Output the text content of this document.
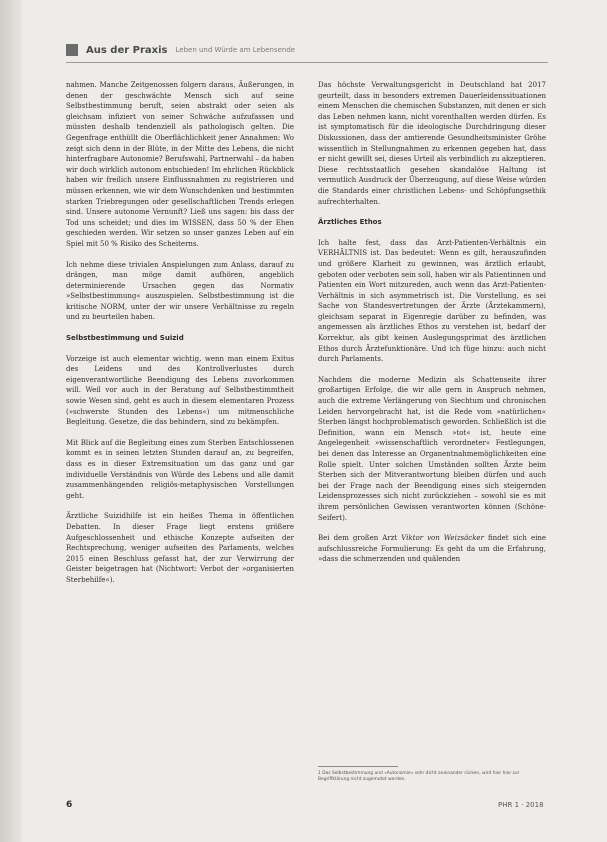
Aus der Praxis Leben und Würde am Lebensende

nahmen. Manche Zeitgenossen folgern daraus, Äußerungen, in denen der geschwächte Mensch sich auf seine Selbstbestimmung beruft, seien abstrakt oder seien als gleichsam infiziert von seiner Schwäche aufzufassen und müssten deshalb tendenziell als pathologisch gelten. Die Gegenfrage enthüllt die Oberflächlichkeit jener Annahmen: Wo zeigt sich denn in der Blüte, in der Mitte des Lebens, die nicht hinterfragbare Autonomie? Berufswahl, Partnerwahl – da haben wir doch wirklich autonom entschieden! Im ehrlichen Rückblick haben wir freilich unsere Einflussnahmen zu registrieren und müssen erkennen, wie wir dem Wunschdenken und bestimmten starken Triebregungen oder gesellschaftlichen Trends erlegen sind. Unsere autonome Vernunft? Ließ uns sagen: bis dass der Tod uns scheidet; und dies im WISSEN, dass 50 % der Ehen geschieden werden. Wir setzen so unser ganzes Leben auf ein Spiel mit 50 % Risiko des Scheiterns.

Ich nehme diese trivialen Anspielungen zum Anlass, darauf zu drängen, man möge damit aufhören, angeblich determinierende Ursachen gegen das Normativ »Selbstbestimmung« auszuspielen. Selbstbestimmung ist die kritische NORM, unter der wir unsere Verhältnisse zu regeln und zu beurteilen haben.

Selbstbestimmung und Suizid

Vorzeige ist auch elementar wichtig, wenn man einem Exitus des Leidens und des Kontrollverlustes durch eigenverantwortliche Beendigung des Lebens zuvorkommen will. Weil vor auch in der Beratung auf Selbstbestimmtheit sowie Wesen sind, geht es auch in diesem elementaren Prozess (»schwerste Stunden des Lebens«) um mitmenschliche Begleitung. Gesetze, die das behindern, sind zu bekämpfen.

Mit Blick auf die Begleitung eines zum Sterben Entschlossenen kommt es in seinen letzten Stunden darauf an, zu begreifen, dass es in dieser Extremsituation um das ganz und gar individuelle Verständnis von Würde des Lebens und alle damit zusammenhängenden religiös-metaphysischen Vorstellungen geht.

Ärztliche Suizidhilfe ist ein heißes Thema in öffentlichen Debatten. In dieser Frage liegt erstens größere Aufgeschlossenheit und ethische Konzepte aufseiten der Rechtsprechung, weniger aufseiten des Parlaments, welches 2015 einen Beschluss gefasst hat, der zur Verwirrung der Geister beigetragen hat (Nichtwort: Verbot der »organisierten Sterbehilfe«).

Das höchste Verwaltungsgericht in Deutschland hat 2017 geurteilt, dass in besonders extremen Dauerleidenssituationen einem Menschen die chemischen Substanzen, mit denen er sich das Leben nehmen kann, nicht vorenthalten werden dürfen. Es ist symptomatisch für die ideologische Durchdringung dieser Diskussionen, dass der amtierende Gesundheitsminister Gröhe wissentlich in Stellungnahmen zu erkennen gegeben hat, dass er nicht gewillt sei, dieses Urteil als verbindlich zu akzeptieren. Diese rechtsstaatlich gesehen skandalöse Haltung ist vermutlich Ausdruck der Überzeugung, auf diese Weise würden die Standards einer christlichen Lebens- und Schöpfungsethik aufrechterhalten.

Ärztliches Ethos

Ich halte fest, dass das Arzt-Patienten-Verhältnis ein VERHÄLTNIS ist. Das bedeutet: Wenn es gilt, herauszufinden und größere Klarheit zu gewinnen, was ärztlich erlaubt, geboten oder verboten sein soll, haben wir als Patientinnen und Patienten ein Wort mitzureden, auch wenn das Arzt-Patienten-Verhältnis in sich asymmetrisch ist. Die Vorstellung, es sei Sache von Standesvertretungen der Ärzte (Ärztekammern), gleichsam separat in Eigenregie darüber zu befinden, was angemessen als ärztliches Ethos zu verstehen ist, bedarf der Korrektur, als gibt keinen Auslegungsprimat des ärztlichen Ethos durch Ärztefunktionäre. Und ich füge hinzu: auch nicht durch Parlaments.

Nachdem die moderne Medizin als Schattenseite ihrer großartigen Erfolge, die wir alle gern in Anspruch nehmen, auch die extreme Verlängerung von Siechtum und chronischen Leiden hervorgebracht hat, ist die Rede vom »natürlichen« Sterben längst hochproblematisch geworden. Schließlich ist die Definition, wann ein Mensch »tot« ist, heute eine Angelegenheit »wissenschaftlich verordneter« Festlegungen, bei denen das Interesse an Organentnahmemöglichkeiten eine Rolle spielt. Unter solchen Umständen sollten Ärzte beim Sterben sich der Mitverantwortung bleiben dürfen und auch bei der Frage nach der Beendigung eines sich steigernden Leidensprozesses sich nicht zurückziehen – sowohl sie es mit ihrem persönlichen Gewissen verantworten können (Schöne-Seifert).

Bei dem großen Arzt Viktor von Weizsäcker findet sich eine aufschlussreiche Formulierung: Es geht da um die Erfahrung, »dass die schmerzenden und quälenden

1 Das Selbstbestimmung und »Autonomie« sehr dicht aneinander rücken, wird hier hier zur Begriffklärung nicht zugemutet werden.
6	PHR 1 · 2018
